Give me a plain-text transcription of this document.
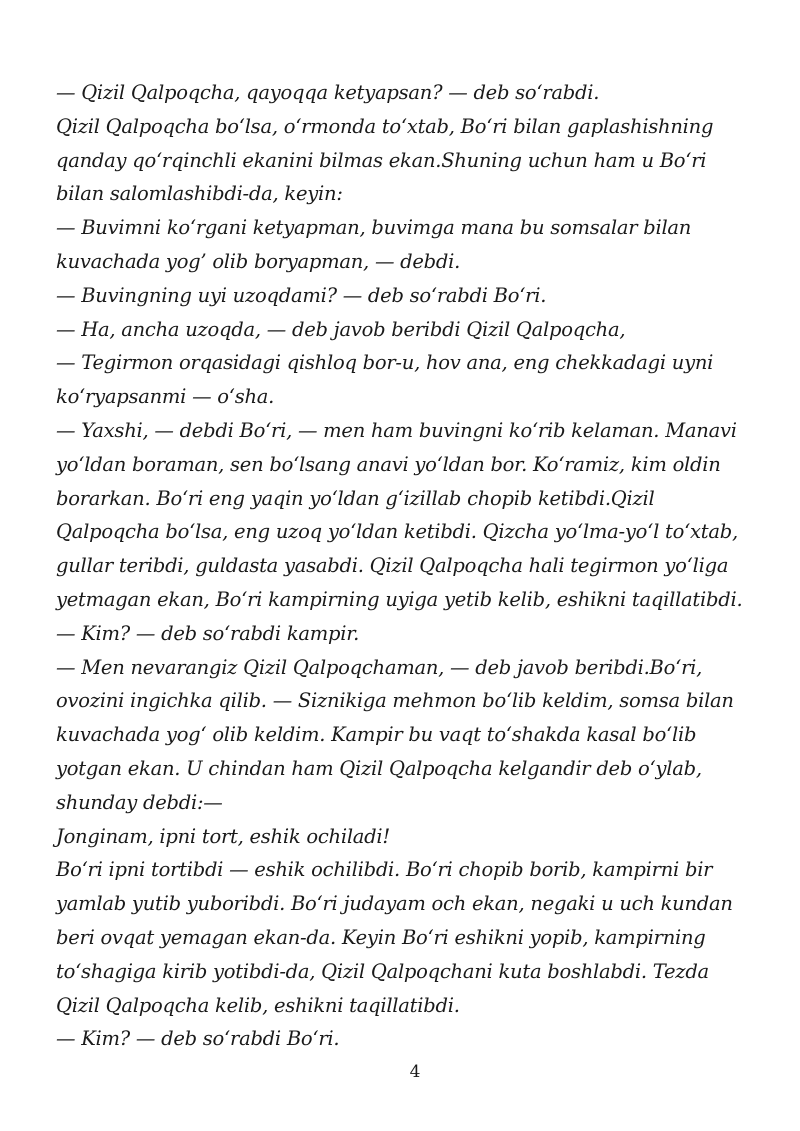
— Qizil Qalpoqcha, qayoqqa ketyapsan? — deb so‘rabdi.
Qizil Qalpoqcha bo‘lsa, o‘rmonda to‘xtab, Bo‘ri bilan gaplashishning
qanday qo‘rqinchli ekanini bilmas ekan.Shuning uchun ham u Bo‘ri
bilan salomlashibdi-da, keyin:
— Buvimni ko‘rgani ketyapman, buvimga mana bu somsalar bilan
kuvachada yog’ olib boryapman, — debdi.
— Buvingning uyi uzoqdami? — deb so‘rabdi Bo‘ri.
— Ha, ancha uzoqda, — deb javob beribdi Qizil Qalpoqcha,
— Tegirmon orqasidagi qishloq bor-u, hov ana, eng chekkadagi uyni
ko‘ryapsanmi — o‘sha.
— Yaxshi, — debdi Bo‘ri, — men ham buvingni ko‘rib kelaman. Manavi
yo‘ldan boraman, sen bo‘lsang anavi yo‘ldan bor. Ko‘ramiz, kim oldin
borarkan. Bo‘ri eng yaqin yo‘ldan g‘izillab chopib ketibdi.Qizil
Qalpoqcha bo‘lsa, eng uzoq yo‘ldan ketibdi. Qizcha yo‘lma-yo‘l to‘xtab,
gullar teribdi, guldasta yasabdi. Qizil Qalpoqcha hali tegirmon yo‘liga
yetmagan ekan, Bo‘ri kampirning uyiga yetib kelib, eshikni taqillatibdi.
— Kim? — deb so‘rabdi kampir.
— Men nevarangiz Qizil Qalpoqchaman, — deb javob beribdi.Bo‘ri,
ovozini ingichka qilib. — Siznikiga mehmon bo‘lib keldim, somsa bilan
kuvachada yog‘ olib keldim. Kampir bu vaqt to‘shakda kasal bo‘lib
yotgan ekan. U chindan ham Qizil Qalpoqcha kelgandir deb o‘ylab,
shunday debdi:—
Jonginam, ipni tort, eshik ochiladi!
Bo‘ri ipni tortibdi — eshik ochilibdi. Bo‘ri chopib borib, kampirni bir
yamlab yutib yuboribdi. Bo‘ri judayam och ekan, negaki u uch kundan
beri ovqat yemagan ekan-da. Keyin Bo‘ri eshikni yopib, kampirning
to‘shagiga kirib yotibdi-da, Qizil Qalpoqchani kuta boshlabdi. Tezda
Qizil Qalpoqcha kelib, eshikni taqillatibdi.
— Kim? — deb so‘rabdi Bo‘ri.
4
